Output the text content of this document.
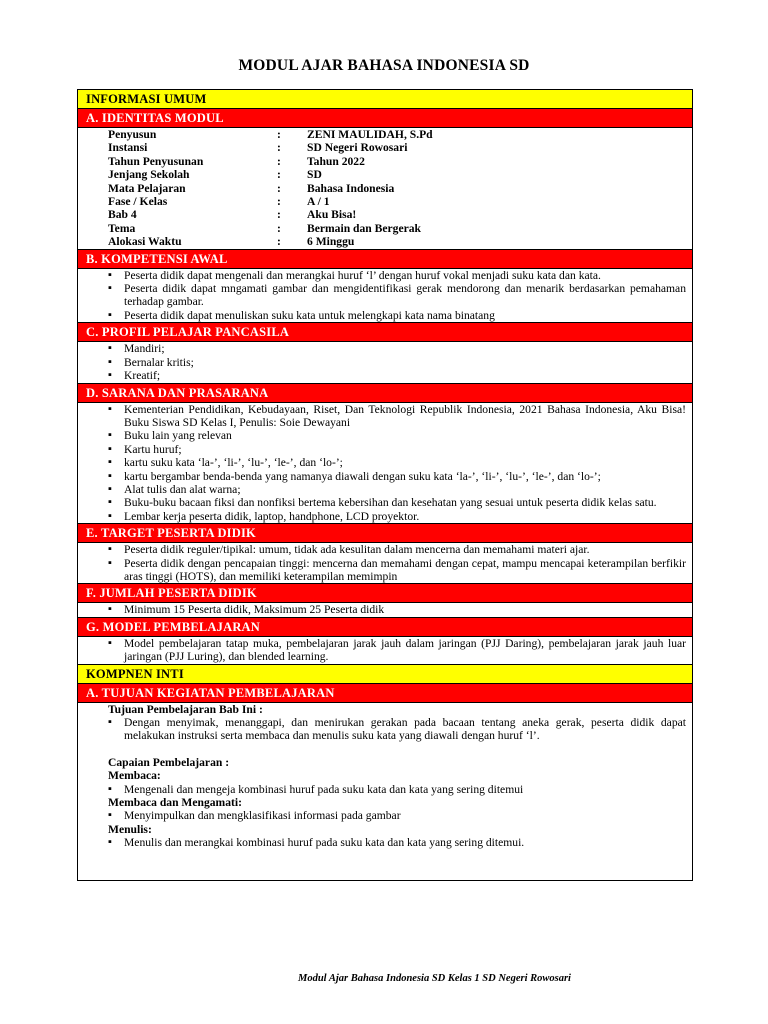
MODUL AJAR BAHASA INDONESIA SD
INFORMASI UMUM
A. IDENTITAS MODUL
Penyusun	:	ZENI MAULIDAH, S.Pd
Instansi	:	SD Negeri Rowosari
Tahun Penyusunan	:	Tahun 2022
Jenjang Sekolah	:	SD
Mata Pelajaran	:	Bahasa Indonesia
Fase / Kelas	:	A / 1
Bab 4	:	Aku Bisa!
Tema	:	Bermain dan Bergerak
Alokasi Waktu	:	6 Minggu
B. KOMPETENSI AWAL
▪ Peserta didik dapat mengenali dan merangkai huruf ‘l’ dengan huruf vokal menjadi suku kata dan kata.
▪ Peserta didik dapat mngamati gambar dan mengidentifikasi gerak mendorong dan menarik berdasarkan pemahaman terhadap gambar.
▪ Peserta didik dapat menuliskan suku kata untuk melengkapi kata nama binatang
C. PROFIL PELAJAR PANCASILA
▪ Mandiri;
▪ Bernalar kritis;
▪ Kreatif;
D. SARANA DAN PRASARANA
▪ Kementerian Pendidikan, Kebudayaan, Riset, Dan Teknologi Republik Indonesia, 2021 Bahasa Indonesia, Aku Bisa! Buku Siswa SD Kelas I, Penulis: Soie Dewayani
▪ Buku lain yang relevan
▪ Kartu huruf;
▪ kartu suku kata ‘la-’, ‘li-’, ‘lu-’, ‘le-’, dan ‘lo-’;
▪ kartu bergambar benda-benda yang namanya diawali dengan suku kata ‘la-’, ‘li-’, ‘lu-’, ‘le-’, dan ‘lo-’;
▪ Alat tulis dan alat warna;
▪ Buku-buku bacaan fiksi dan nonfiksi bertema kebersihan dan kesehatan yang sesuai untuk peserta didik kelas satu.
▪ Lembar kerja peserta didik, laptop, handphone, LCD proyektor.
E. TARGET PESERTA DIDIK
▪ Peserta didik reguler/tipikal: umum, tidak ada kesulitan dalam mencerna dan memahami materi ajar.
▪ Peserta didik dengan pencapaian tinggi: mencerna dan memahami dengan cepat, mampu mencapai keterampilan berfikir aras tinggi (HOTS), dan memiliki keterampilan memimpin
F. JUMLAH PESERTA DIDIK
▪ Minimum 15 Peserta didik, Maksimum 25 Peserta didik
G. MODEL PEMBELAJARAN
▪ Model pembelajaran tatap muka, pembelajaran jarak jauh dalam jaringan (PJJ Daring), pembelajaran jarak jauh luar jaringan (PJJ Luring), dan blended learning.
KOMPNEN INTI
A. TUJUAN KEGIATAN PEMBELAJARAN
Tujuan Pembelajaran Bab Ini :
▪ Dengan menyimak, menanggapi, dan menirukan gerakan pada bacaan tentang aneka gerak, peserta didik dapat melakukan instruksi serta membaca dan menulis suku kata yang diawali dengan huruf ‘l’.
Capaian Pembelajaran :
Membaca:
▪ Mengenali dan mengeja kombinasi huruf pada suku kata dan kata yang sering ditemui
Membaca dan Mengamati:
▪ Menyimpulkan dan mengklasifikasi informasi pada gambar
Menulis:
▪ Menulis dan merangkai kombinasi huruf pada suku kata dan kata yang sering ditemui.
Modul Ajar Bahasa Indonesia SD Kelas 1 SD Negeri Rowosari
